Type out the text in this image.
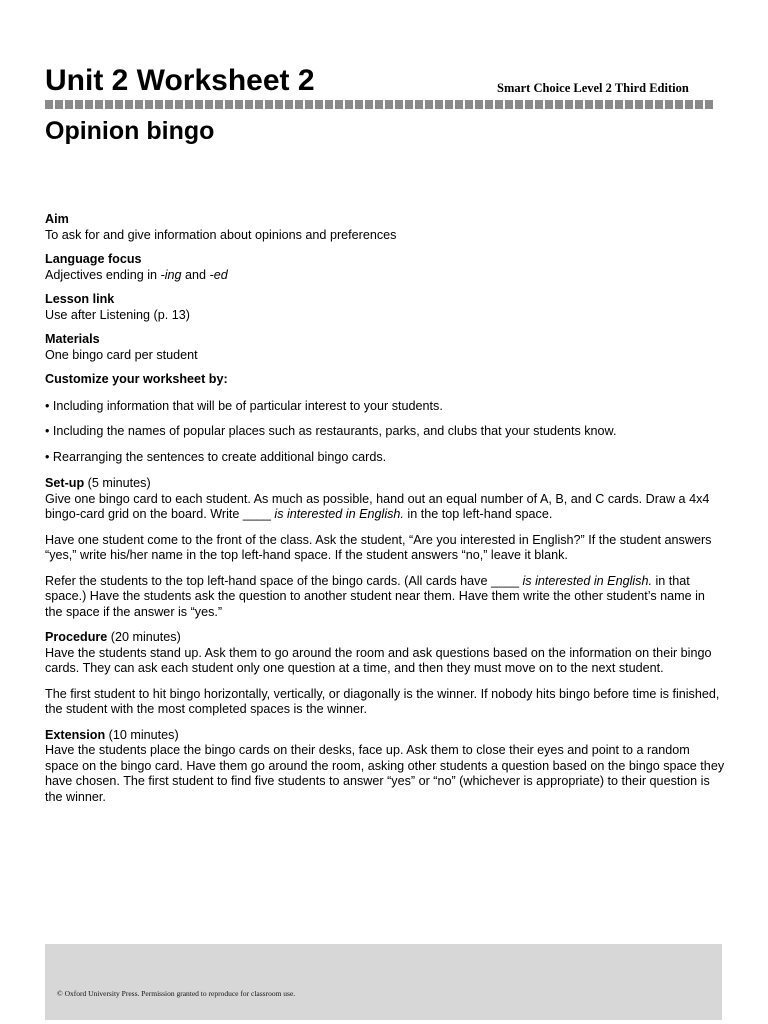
Unit 2 Worksheet 2	Smart Choice Level 2 Third Edition
Opinion bingo
Aim
To ask for and give information about opinions and preferences
Language focus
Adjectives ending in -ing and -ed
Lesson link
Use after Listening (p. 13)
Materials
One bingo card per student
Customize your worksheet by:
• Including information that will be of particular interest to your students.
• Including the names of popular places such as restaurants, parks, and clubs that your students know.
• Rearranging the sentences to create additional bingo cards.
Set-up (5 minutes)
Give one bingo card to each student. As much as possible, hand out an equal number of A, B, and C cards. Draw a 4x4 bingo-card grid on the board. Write ____ is interested in English. in the top left-hand space.
Have one student come to the front of the class. Ask the student, “Are you interested in English?” If the student answers “yes,” write his/her name in the top left-hand space. If the student answers “no,” leave it blank.
Refer the students to the top left-hand space of the bingo cards. (All cards have ____ is interested in English. in that space.) Have the students ask the question to another student near them. Have them write the other student’s name in the space if the answer is “yes.”
Procedure (20 minutes)
Have the students stand up. Ask them to go around the room and ask questions based on the information on their bingo cards. They can ask each student only one question at a time, and then they must move on to the next student.
The first student to hit bingo horizontally, vertically, or diagonally is the winner. If nobody hits bingo before time is finished, the student with the most completed spaces is the winner.
Extension (10 minutes)
Have the students place the bingo cards on their desks, face up. Ask them to close their eyes and point to a random space on the bingo card. Have them go around the room, asking other students a question based on the bingo space they have chosen. The first student to find five students to answer “yes” or “no” (whichever is appropriate) to their question is the winner.
© Oxford University Press. Permission granted to reproduce for classroom use.
